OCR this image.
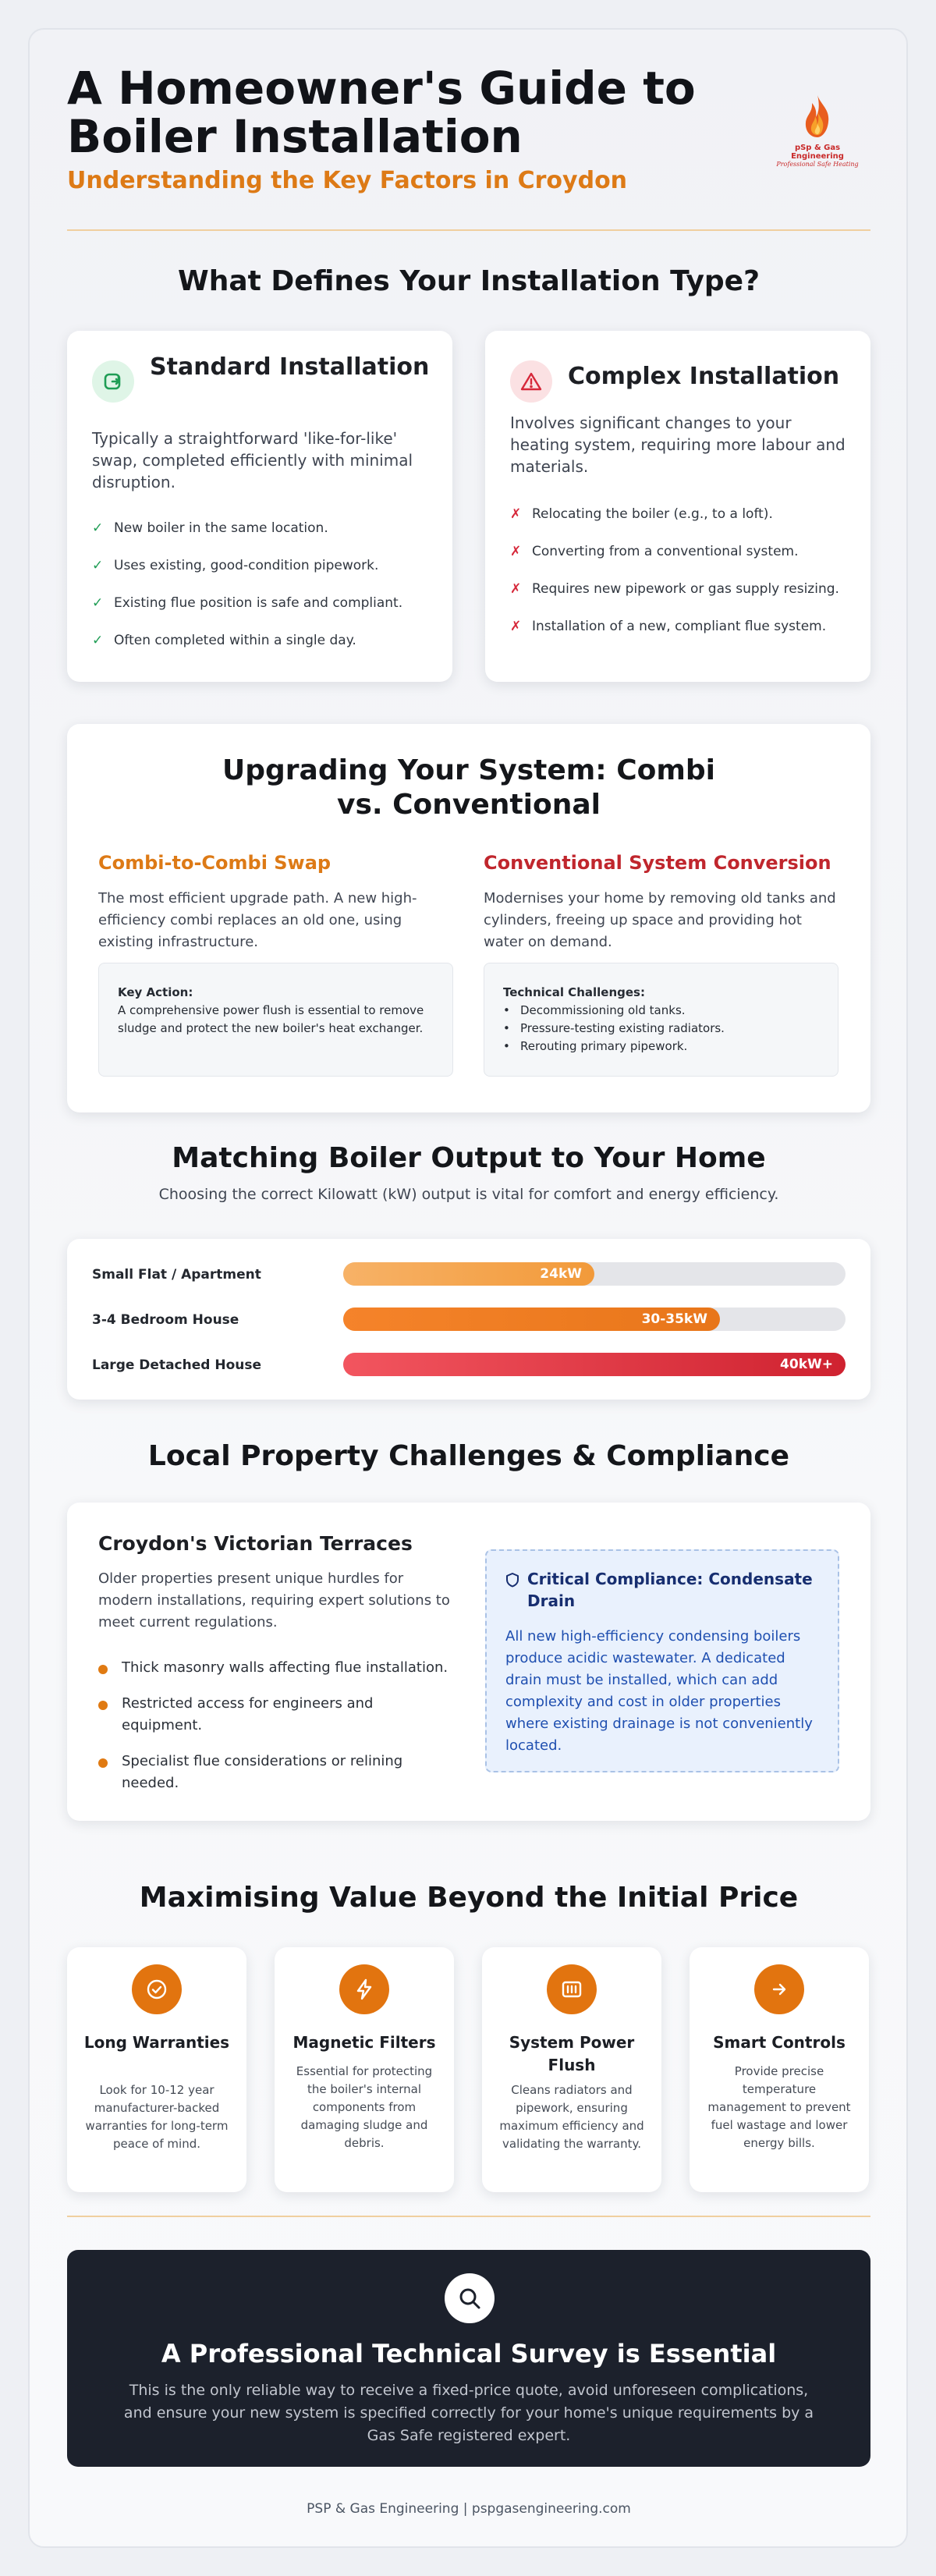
A Homeowner's Guide to Boiler Installation
Understanding the Key Factors in Croydon
pSp & Gas Engineering
Professional Safe Heating
What Defines Your Installation Type?
Standard Installation
Typically a straightforward 'like-for-like' swap, completed efficiently with minimal disruption.
✓ New boiler in the same location.
✓ Uses existing, good-condition pipework.
✓ Existing flue position is safe and compliant.
✓ Often completed within a single day.
Complex Installation
Involves significant changes to your heating system, requiring more labour and materials.
✗ Relocating the boiler (e.g., to a loft).
✗ Converting from a conventional system.
✗ Requires new pipework or gas supply resizing.
✗ Installation of a new, compliant flue system.
Upgrading Your System: Combi vs. Conventional
Combi-to-Combi Swap
The most efficient upgrade path. A new high-efficiency combi replaces an old one, using existing infrastructure.
Key Action:
A comprehensive power flush is essential to remove sludge and protect the new boiler's heat exchanger.
Conventional System Conversion
Modernises your home by removing old tanks and cylinders, freeing up space and providing hot water on demand.
Technical Challenges:
• Decommissioning old tanks.
• Pressure-testing existing radiators.
• Rerouting primary pipework.
Matching Boiler Output to Your Home
Choosing the correct Kilowatt (kW) output is vital for comfort and energy efficiency.
Small Flat / Apartment	24kW
3-4 Bedroom House	30-35kW
Large Detached House	40kW+
Local Property Challenges & Compliance
Croydon's Victorian Terraces
Older properties present unique hurdles for modern installations, requiring expert solutions to meet current regulations.
Thick masonry walls affecting flue installation.
Restricted access for engineers and equipment.
Specialist flue considerations or relining needed.
Critical Compliance: Condensate Drain
All new high-efficiency condensing boilers produce acidic wastewater. A dedicated drain must be installed, which can add complexity and cost in older properties where existing drainage is not conveniently located.
Maximising Value Beyond the Initial Price
Long Warranties
Look for 10-12 year manufacturer-backed warranties for long-term peace of mind.
Magnetic Filters
Essential for protecting the boiler's internal components from damaging sludge and debris.
System Power Flush
Cleans radiators and pipework, ensuring maximum efficiency and validating the warranty.
Smart Controls
Provide precise temperature management to prevent fuel wastage and lower energy bills.
A Professional Technical Survey is Essential
This is the only reliable way to receive a fixed-price quote, avoid unforeseen complications, and ensure your new system is specified correctly for your home's unique requirements by a Gas Safe registered expert.
PSP & Gas Engineering | pspgasengineering.com
